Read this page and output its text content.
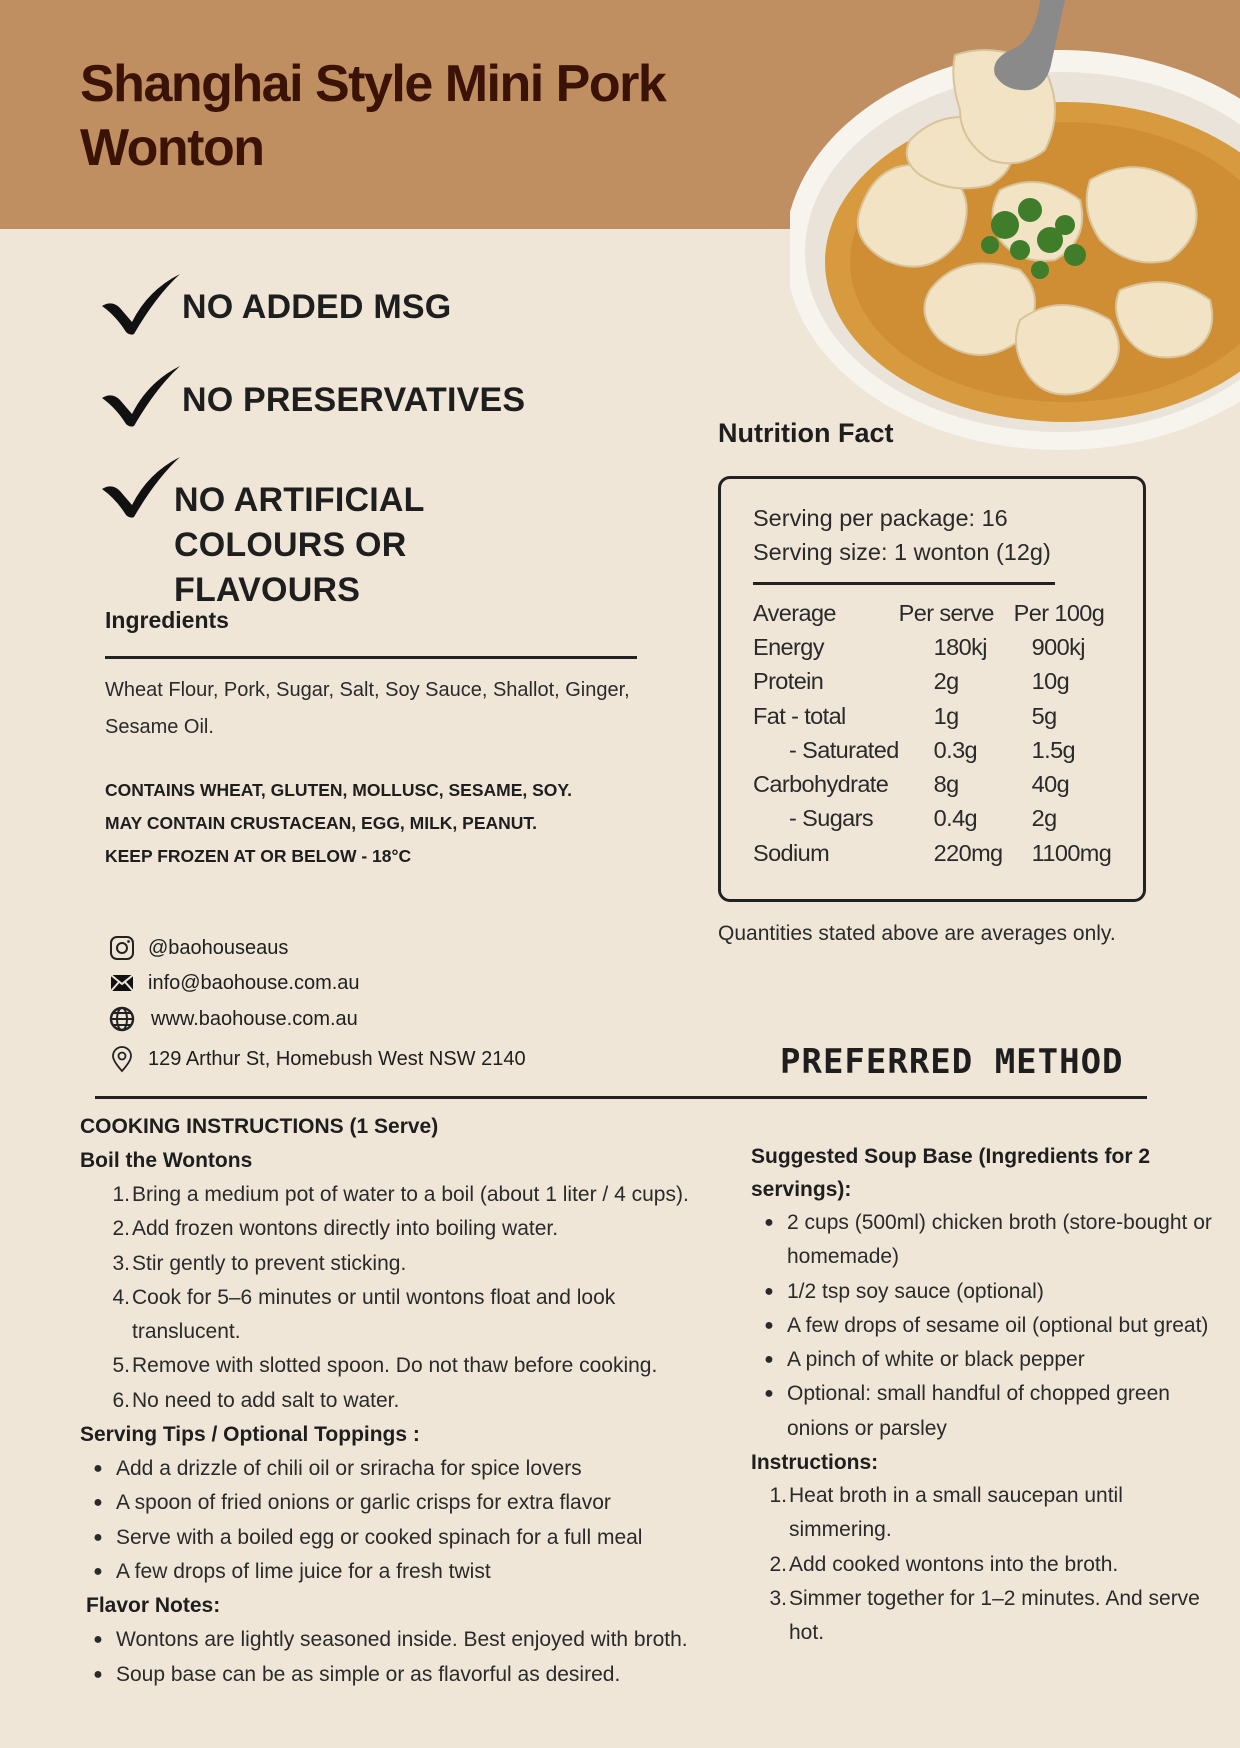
Shanghai Style Mini Pork Wonton
NO ADDED MSG
NO PRESERVATIVES
NO ARTIFICIAL COLOURS OR FLAVOURS
Ingredients
Wheat Flour, Pork, Sugar, Salt, Soy Sauce, Shallot, Ginger, Sesame Oil.
CONTAINS WHEAT, GLUTEN, MOLLUSC, SESAME, SOY.
MAY CONTAIN CRUSTACEAN, EGG, MILK, PEANUT.
KEEP FROZEN AT OR BELOW - 18°C
@baohouseaus
info@baohouse.com.au
www.baohouse.com.au
129 Arthur St, Homebush West NSW 2140
Nutrition Fact
Serving per package: 16
Serving size: 1 wonton (12g)
Average	Per serve	Per 100g
Energy	180kj	900kj
Protein	2g	10g
Fat - total	1g	5g
- Saturated	0.3g	1.5g
Carbohydrate	8g	40g
- Sugars	0.4g	2g
Sodium	220mg	1100mg
Quantities stated above are averages only.
PREFERRED METHOD
COOKING INSTRUCTIONS (1 Serve)
Boil the Wontons
1. Bring a medium pot of water to a boil (about 1 liter / 4 cups).
2. Add frozen wontons directly into boiling water.
3. Stir gently to prevent sticking.
4. Cook for 5–6 minutes or until wontons float and look translucent.
5. Remove with slotted spoon. Do not thaw before cooking.
6. No need to add salt to water.
Serving Tips / Optional Toppings :
● Add a drizzle of chili oil or sriracha for spice lovers
● A spoon of fried onions or garlic crisps for extra flavor
● Serve with a boiled egg or cooked spinach for a full meal
● A few drops of lime juice for a fresh twist
Flavor Notes:
● Wontons are lightly seasoned inside. Best enjoyed with broth.
● Soup base can be as simple or as flavorful as desired.
Suggested Soup Base (Ingredients for 2 servings):
● 2 cups (500ml) chicken broth (store-bought or homemade)
● 1/2 tsp soy sauce (optional)
● A few drops of sesame oil (optional but great)
● A pinch of white or black pepper
● Optional: small handful of chopped green onions or parsley
Instructions:
1. Heat broth in a small saucepan until simmering.
2. Add cooked wontons into the broth.
3. Simmer together for 1–2 minutes. And serve hot.
